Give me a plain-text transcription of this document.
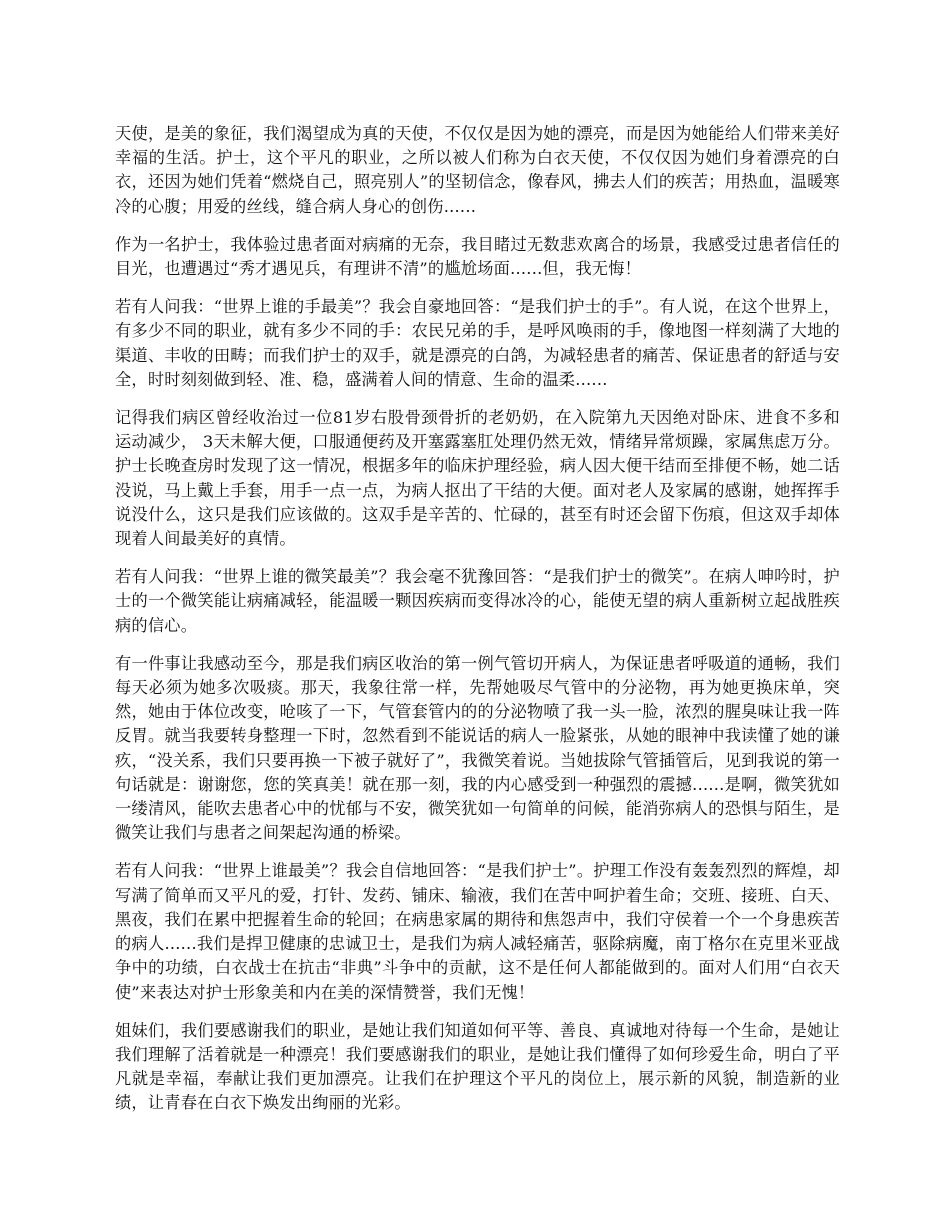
天使，是美的象征，我们渴望成为真的天使，不仅仅是因为她的漂亮，而是因为她能给人们带来美好幸福的生活。护士，这个平凡的职业，之所以被人们称为白衣天使，不仅仅因为她们身着漂亮的白衣，还因为她们凭着“燃烧自己，照亮别人”的坚韧信念，像春风，拂去人们的疾苦；用热血，温暖寒冷的心腹；用爱的丝线，缝合病人身心的创伤......

作为一名护士，我体验过患者面对病痛的无奈，我目睹过无数悲欢离合的场景，我感受过患者信任的目光，也遭遇过“秀才遇见兵，有理讲不清”的尴尬场面......但，我无悔！

若有人问我：“世界上谁的手最美”？我会自豪地回答：“是我们护士的手”。有人说，在这个世界上，有多少不同的职业，就有多少不同的手：农民兄弟的手，是呼风唤雨的手，像地图一样刻满了大地的渠道、丰收的田畴；而我们护士的双手，就是漂亮的白鸽，为减轻患者的痛苦、保证患者的舒适与安全，时时刻刻做到轻、准、稳，盛满着人间的情意、生命的温柔......

记得我们病区曾经收治过一位81岁右股骨颈骨折的老奶奶，在入院第九天因绝对卧床、进食不多和运动减少， 3天未解大便，口服通便药及开塞露塞肛处理仍然无效，情绪异常烦躁，家属焦虑万分。护士长晚查房时发现了这一情况，根据多年的临床护理经验，病人因大便干结而至排便不畅，她二话没说，马上戴上手套，用手一点一点，为病人抠出了干结的大便。面对老人及家属的感谢，她挥挥手说没什么，这只是我们应该做的。这双手是辛苦的、忙碌的，甚至有时还会留下伤痕，但这双手却体现着人间最美好的真情。

若有人问我：“世界上谁的微笑最美”？我会毫不犹豫回答：“是我们护士的微笑”。在病人呻吟时，护士的一个微笑能让病痛减轻，能温暖一颗因疾病而变得冰冷的心，能使无望的病人重新树立起战胜疾病的信心。

有一件事让我感动至今，那是我们病区收治的第一例气管切开病人，为保证患者呼吸道的通畅，我们每天必须为她多次吸痰。那天，我象往常一样，先帮她吸尽气管中的分泌物，再为她更换床单，突然，她由于体位改变，呛咳了一下，气管套管内的的分泌物喷了我一头一脸，浓烈的腥臭味让我一阵反胃。就当我要转身整理一下时，忽然看到不能说话的病人一脸紧张，从她的眼神中我读懂了她的谦疚，“没关系，我们只要再换一下被子就好了”，我微笑着说。当她拔除气管插管后，见到我说的第一句话就是：谢谢您，您的笑真美！就在那一刻，我的内心感受到一种强烈的震撼......是啊，微笑犹如一缕清风，能吹去患者心中的忧郁与不安，微笑犹如一句简单的问候，能消弥病人的恐惧与陌生，是微笑让我们与患者之间架起沟通的桥梁。

若有人问我：“世界上谁最美”？我会自信地回答：“是我们护士”。护理工作没有轰轰烈烈的辉煌，却写满了简单而又平凡的爱，打针、发药、铺床、输液，我们在苦中呵护着生命；交班、接班、白天、黑夜，我们在累中把握着生命的轮回；在病患家属的期待和焦怨声中，我们守侯着一个一个身患疾苦的病人......我们是捍卫健康的忠诚卫士，是我们为病人减轻痛苦，驱除病魔，南丁格尔在克里米亚战争中的功绩，白衣战士在抗击“非典”斗争中的贡献，这不是任何人都能做到的。面对人们用“白衣天使”来表达对护士形象美和内在美的深情赞誉，我们无愧！

姐妹们，我们要感谢我们的职业，是她让我们知道如何平等、善良、真诚地对待每一个生命，是她让我们理解了活着就是一种漂亮！我们要感谢我们的职业，是她让我们懂得了如何珍爱生命，明白了平凡就是幸福，奉献让我们更加漂亮。让我们在护理这个平凡的岗位上，展示新的风貌，制造新的业绩，让青春在白衣下焕发出绚丽的光彩。
